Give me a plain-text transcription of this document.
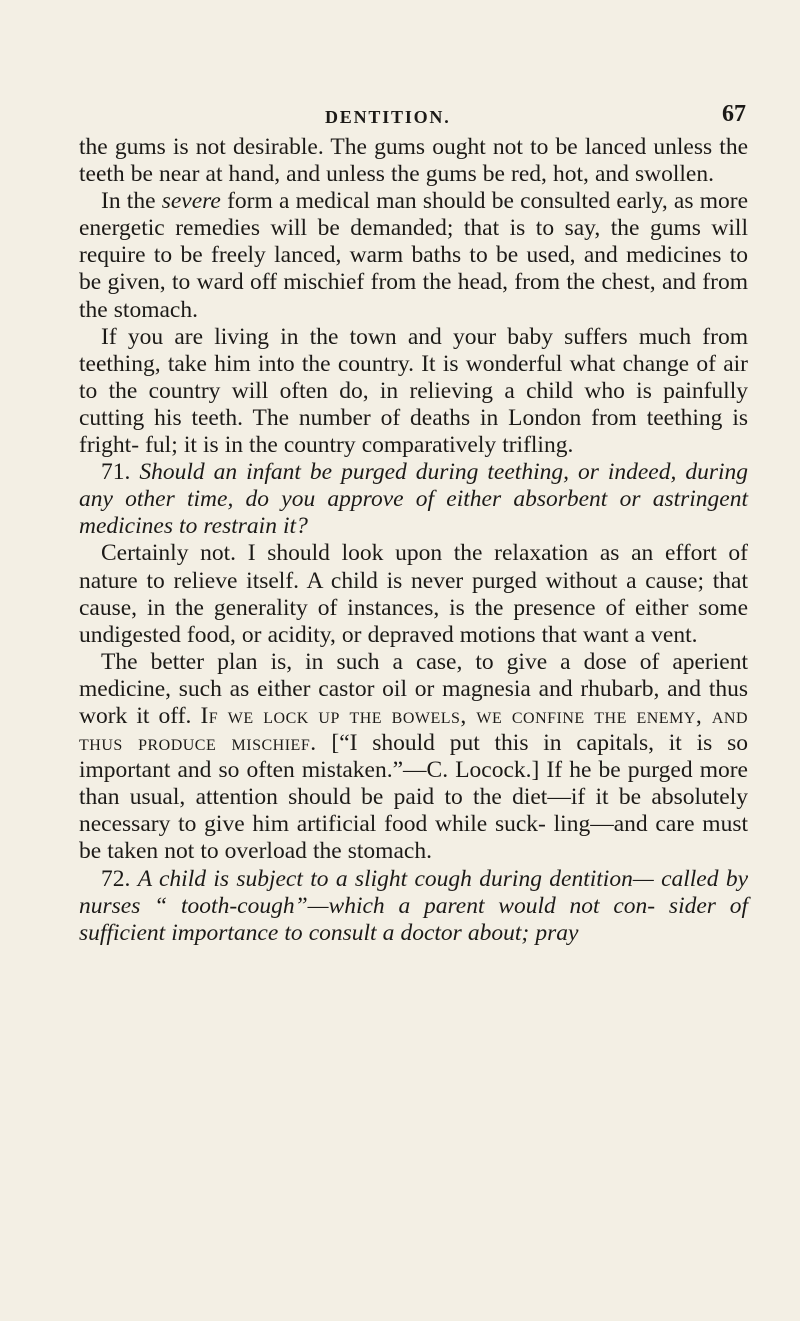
DENTITION.	67

the gums is not desirable. The gums ought not to be lanced unless the teeth be near at hand, and unless the gums be red, hot, and swollen.

In the severe form a medical man should be consulted early, as more energetic remedies will be demanded; that is to say, the gums will require to be freely lanced, warm baths to be used, and medicines to be given, to ward off mischief from the head, from the chest, and from the stomach.

If you are living in the town and your baby suffers much from teething, take him into the country. It is wonderful what change of air to the country will often do, in relieving a child who is painfully cutting his teeth. The number of deaths in London from teething is fright- ful; it is in the country comparatively trifling.

71. Should an infant be purged during teething, or indeed, during any other time, do you approve of either absorbent or astringent medicines to restrain it?

Certainly not. I should look upon the relaxation as an effort of nature to relieve itself. A child is never purged without a cause; that cause, in the generality of instances, is the presence of either some undigested food, or acidity, or depraved motions that want a vent.

The better plan is, in such a case, to give a dose of aperient medicine, such as either castor oil or magnesia and rhubarb, and thus work it off. If we lock up the bowels, we confine the enemy, and thus produce mischief. [“I should put this in capitals, it is so important and so often mistaken.”—C. Locock.] If he be purged more than usual, attention should be paid to the diet—if it be absolutely necessary to give him artificial food while suck- ling—and care must be taken not to overload the stomach.

72. A child is subject to a slight cough during dentition— called by nurses “ tooth-cough”—which a parent would not con- sider of sufficient importance to consult a doctor about; pray
